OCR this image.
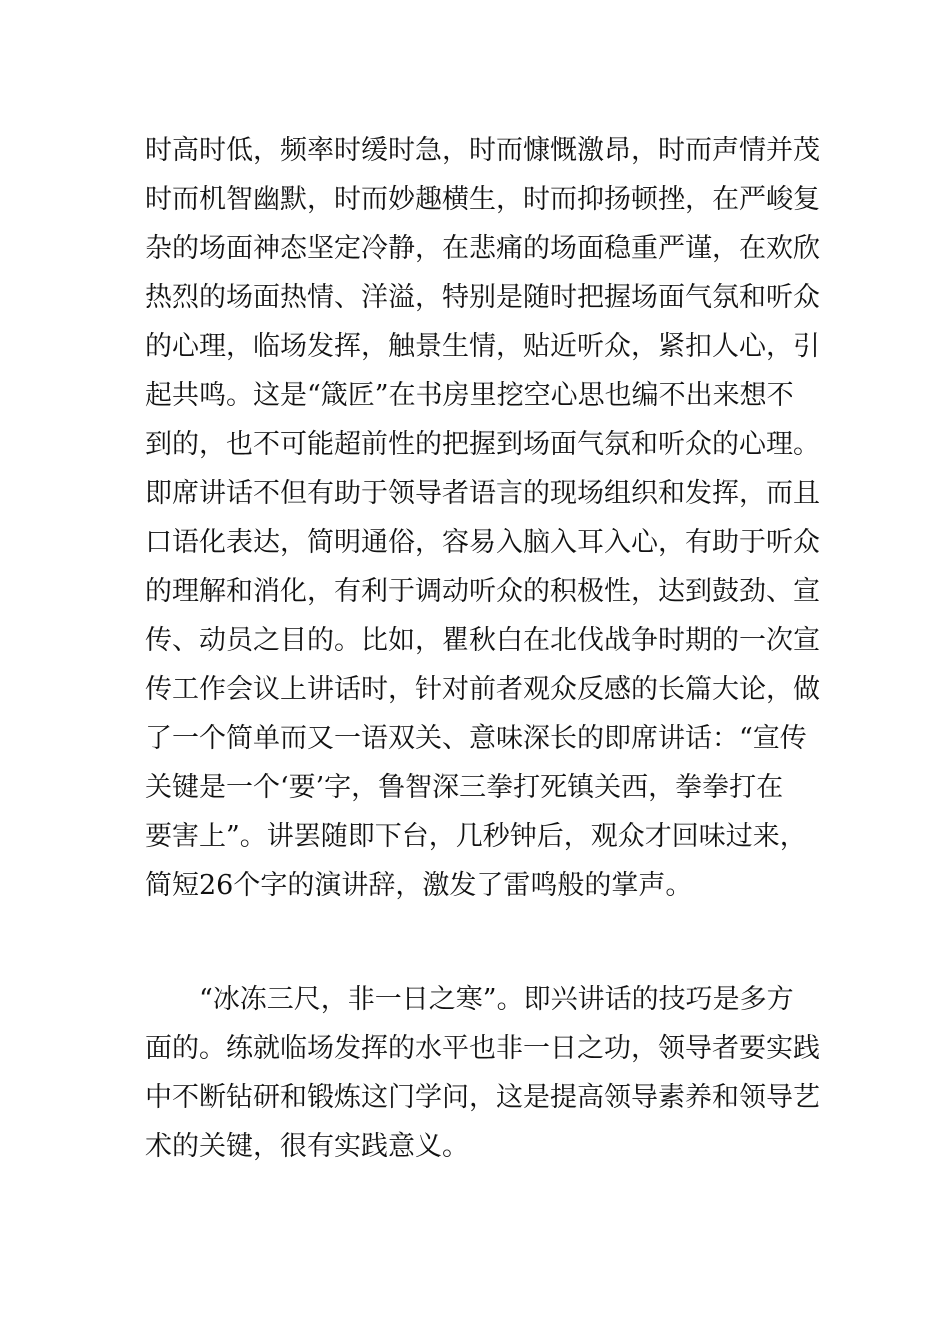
时高时低，频率时缓时急，时而慷慨激昂，时而声情并茂
时而机智幽默，时而妙趣横生，时而抑扬顿挫，在严峻复
杂的场面神态坚定冷静，在悲痛的场面稳重严谨，在欢欣
热烈的场面热情、洋溢，特别是随时把握场面气氛和听众
的心理，临场发挥，触景生情，贴近听众，紧扣人心，引
起共鸣。这是“箴匠”在书房里挖空心思也编不出来想不
到的，也不可能超前性的把握到场面气氛和听众的心理。
即席讲话不但有助于领导者语言的现场组织和发挥，而且
口语化表达，简明通俗，容易入脑入耳入心，有助于听众
的理解和消化，有利于调动听众的积极性，达到鼓劲、宣
传、动员之目的。比如，瞿秋白在北伐战争时期的一次宣
传工作会议上讲话时，针对前者观众反感的长篇大论，做
了一个简单而又一语双关、意味深长的即席讲话：“宣传
关键是一个‘要’字，鲁智深三拳打死镇关西，拳拳打在
要害上”。讲罢随即下台，几秒钟后，观众才回味过来，
简短26个字的演讲辞，激发了雷鸣般的掌声。
　　“冰冻三尺，非一日之寒”。即兴讲话的技巧是多方
面的。练就临场发挥的水平也非一日之功，领导者要实践
中不断钻研和锻炼这门学问，这是提高领导素养和领导艺
术的关键，很有实践意义。
